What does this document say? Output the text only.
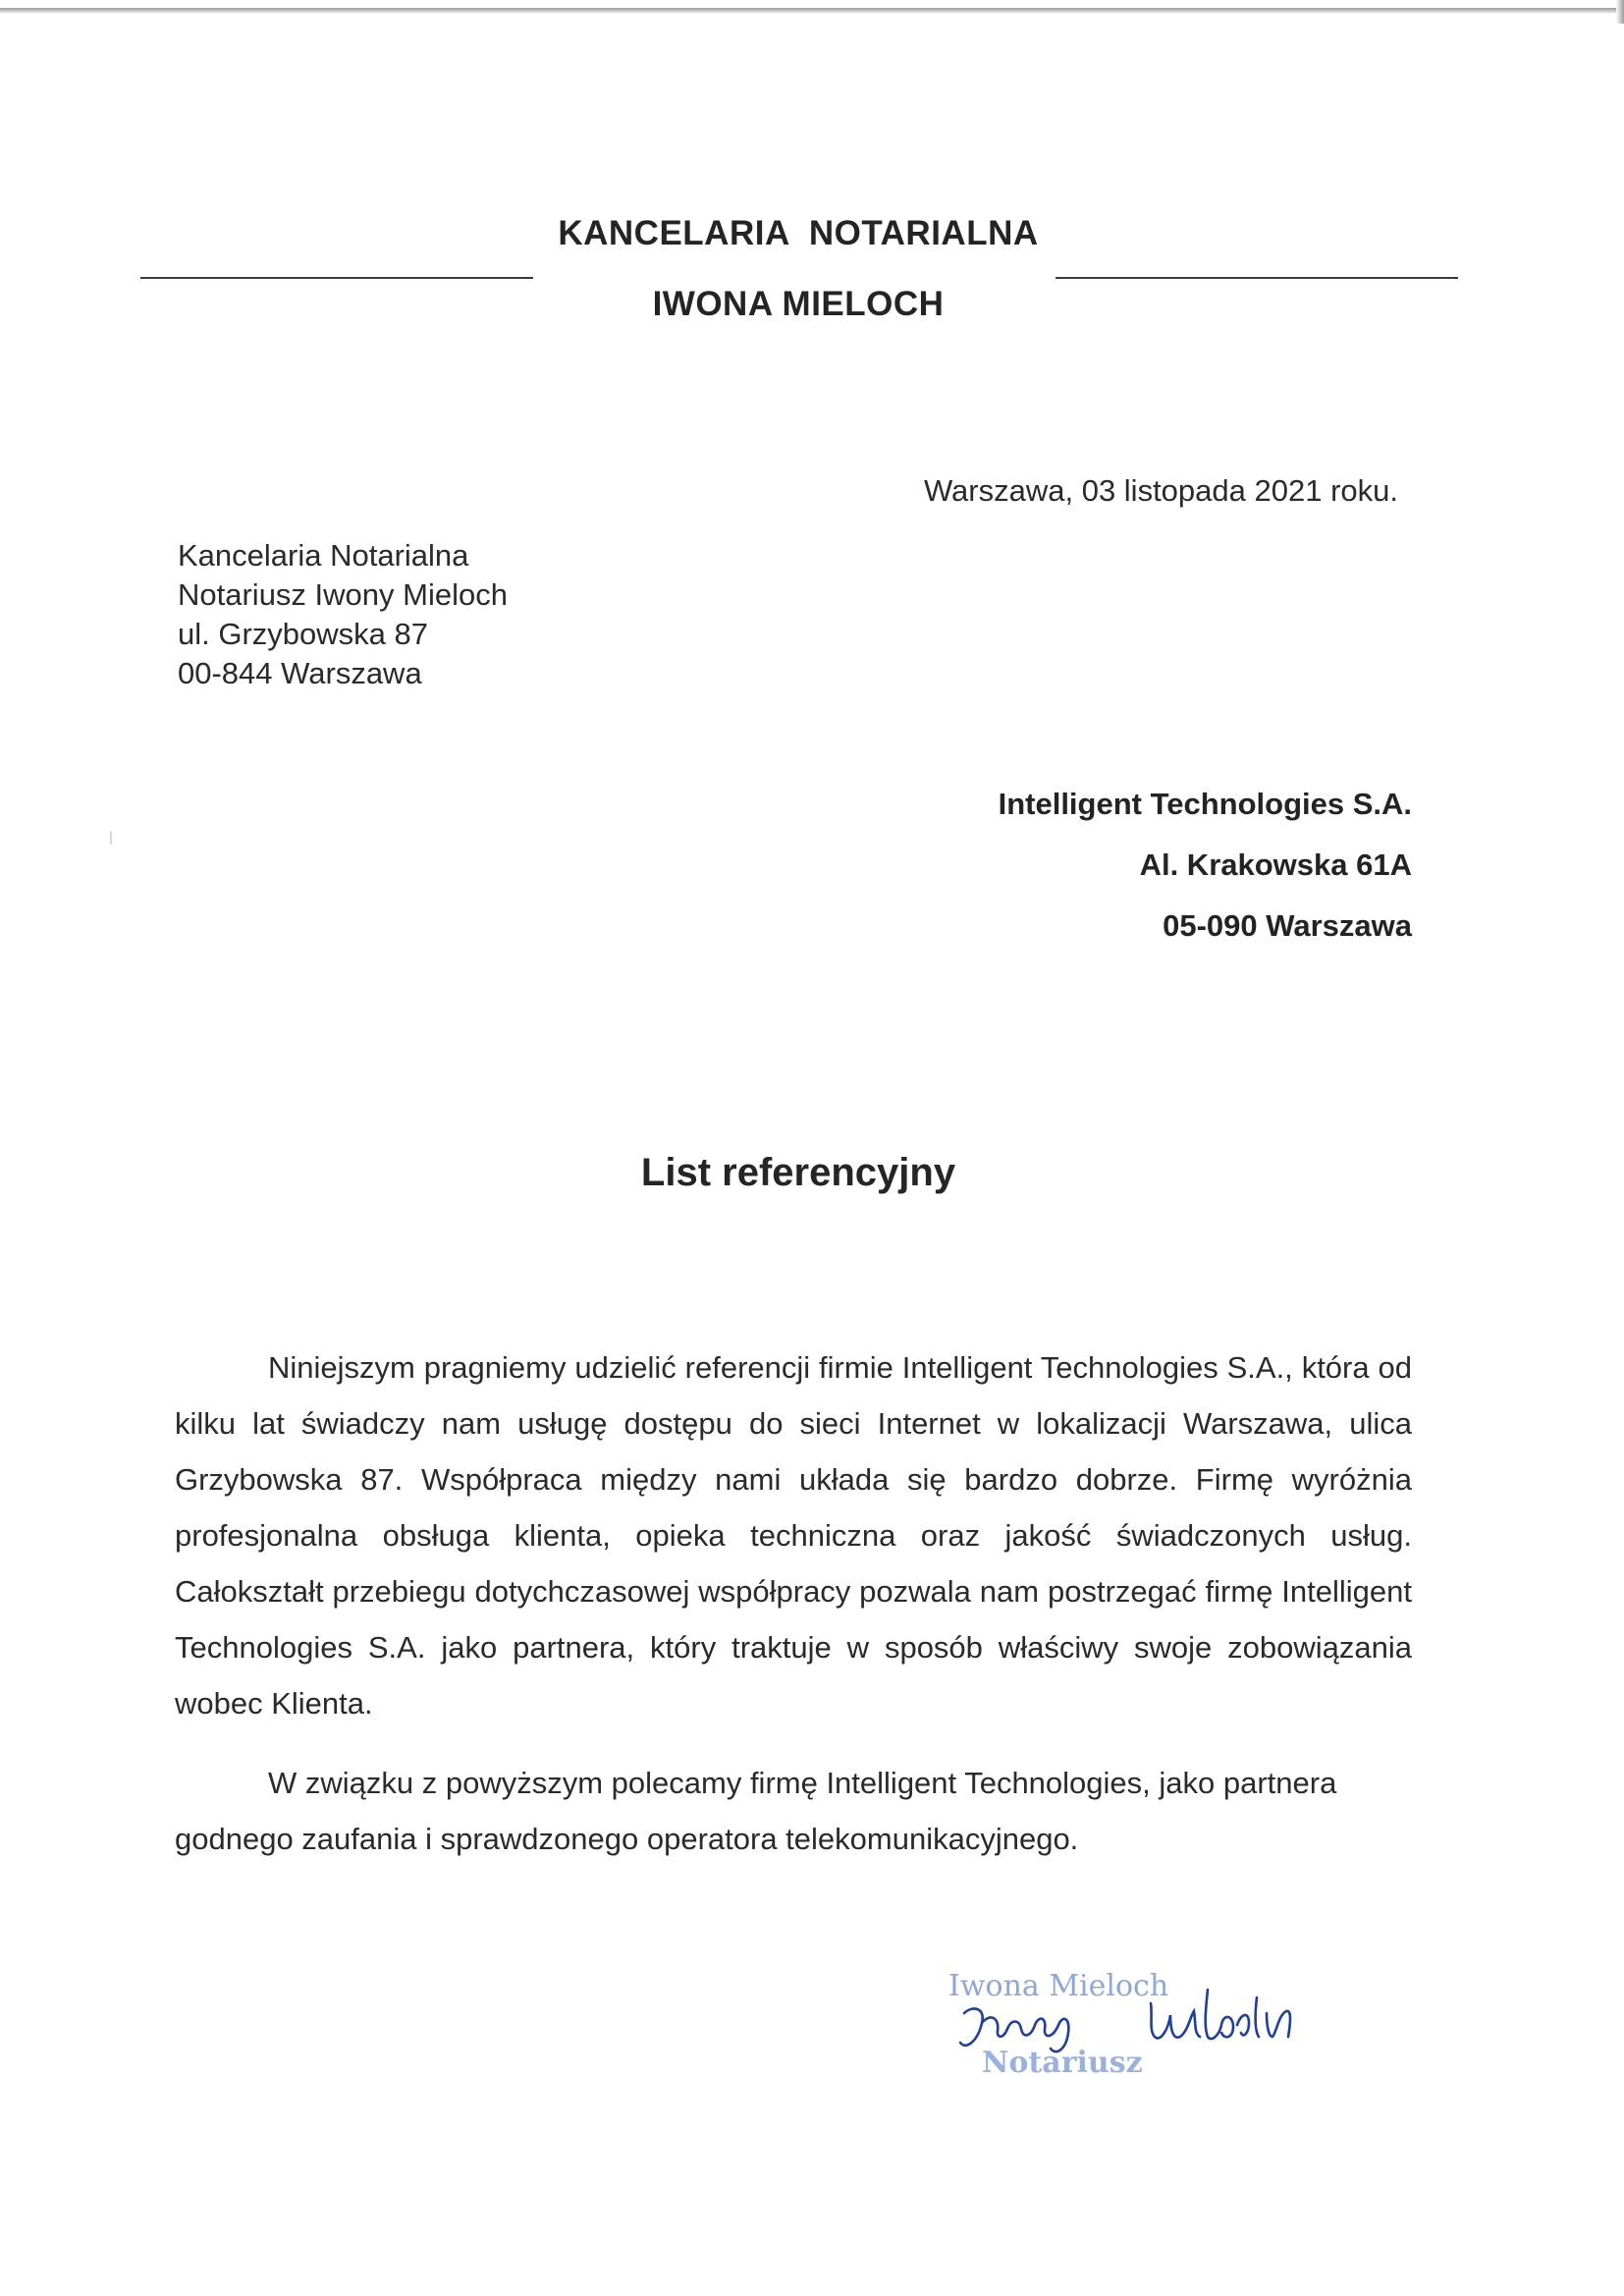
KANCELARIA  NOTARIALNA
IWONA MIELOCH
Warszawa, 03 listopada 2021 roku.
Kancelaria Notarialna
Notariusz Iwony Mieloch
ul. Grzybowska 87
00-844 Warszawa
Intelligent Technologies S.A.
Al. Krakowska 61A
05-090 Warszawa
List referencyjny

Niniejszym pragniemy udzielić referencji firmie Intelligent Technologies S.A., która od kilku lat świadczy nam usługę dostępu do sieci Internet w lokalizacji Warszawa, ulica Grzybowska 87. Współpraca między nami układa się bardzo dobrze. Firmę wyróżnia profesjonalna obsługa klienta, opieka techniczna oraz jakość świadczonych usług. Całokształt przebiegu dotychczasowej współpracy pozwala nam postrzegać firmę Intelligent Technologies S.A. jako partnera, który traktuje w sposób właściwy swoje zobowiązania wobec Klienta.

W związku z powyższym polecamy firmę Intelligent Technologies, jako partnera godnego zaufania i sprawdzonego operatora telekomunikacyjnego.

Iwona Mieloch
Notariusz
